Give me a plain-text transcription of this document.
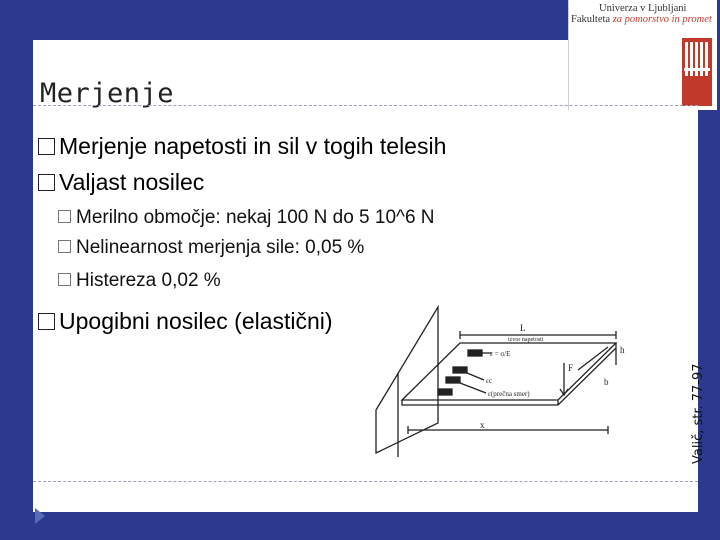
Univerza v Ljubljani
Fakulteta za pomorstvo in promet
Merjenje
Merjenje napetosti in sil v togih telesih
Valjast nosilec
Merilno območje: nekaj 100 N do 5 10^6 N
Nelinearnost merjenja sile: 0,05 %
Histereza 0,02 %
Upogibni nosilec (elastični)	L
izvor napetosti
h
F
b
x
ε = σ/E
εc
ε(prečna smer)	Valič, str. 77-97
